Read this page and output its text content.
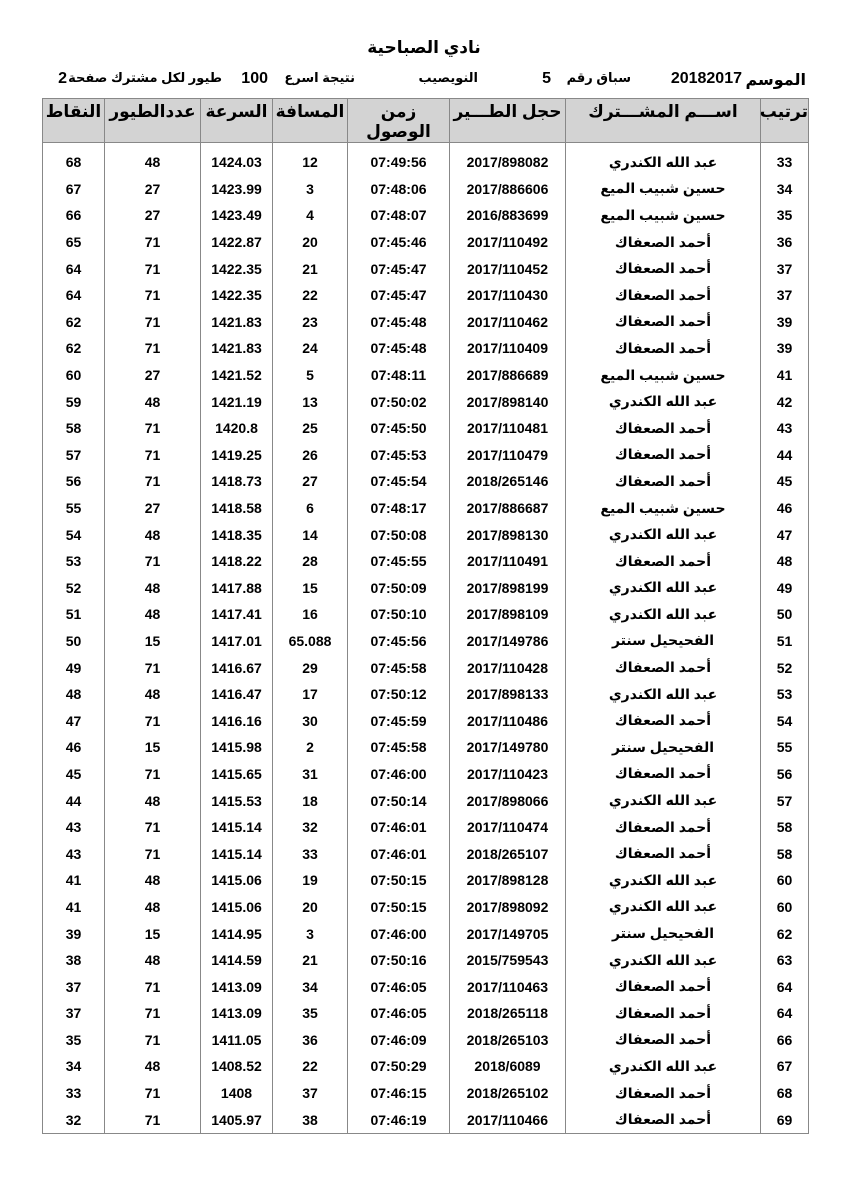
نادي الصباحية
الموسم
20182017
سباق رقم
5
النويصيب
نتيجة اسرع
100
طيور لكل مشترك صفحة
2
ترتيب	اســـم المشـــترك	حجل الطـــير	زمن الوصول	المسافة	السرعة	عددالطيور	النقاط

33	عبد الله الكندري	2017/898082	07:49:56	12	1424.03	48	68
34	حسين شبيب الميع	2017/886606	07:48:06	3	1423.99	27	67
35	حسين شبيب الميع	2016/883699	07:48:07	4	1423.49	27	66
36	أحمد الصعفاك	2017/110492	07:45:46	20	1422.87	71	65
37	أحمد الصعفاك	2017/110452	07:45:47	21	1422.35	71	64
37	أحمد الصعفاك	2017/110430	07:45:47	22	1422.35	71	64
39	أحمد الصعفاك	2017/110462	07:45:48	23	1421.83	71	62
39	أحمد الصعفاك	2017/110409	07:45:48	24	1421.83	71	62
41	حسين شبيب الميع	2017/886689	07:48:11	5	1421.52	27	60
42	عبد الله الكندري	2017/898140	07:50:02	13	1421.19	48	59
43	أحمد الصعفاك	2017/110481	07:45:50	25	1420.8	71	58
44	أحمد الصعفاك	2017/110479	07:45:53	26	1419.25	71	57
45	أحمد الصعفاك	2018/265146	07:45:54	27	1418.73	71	56
46	حسين شبيب الميع	2017/886687	07:48:17	6	1418.58	27	55
47	عبد الله الكندري	2017/898130	07:50:08	14	1418.35	48	54
48	أحمد الصعفاك	2017/110491	07:45:55	28	1418.22	71	53
49	عبد الله الكندري	2017/898199	07:50:09	15	1417.88	48	52
50	عبد الله الكندري	2017/898109	07:50:10	16	1417.41	48	51
51	الفحيحيل سنتر	2017/149786	07:45:56	65.088	1417.01	15	50
52	أحمد الصعفاك	2017/110428	07:45:58	29	1416.67	71	49
53	عبد الله الكندري	2017/898133	07:50:12	17	1416.47	48	48
54	أحمد الصعفاك	2017/110486	07:45:59	30	1416.16	71	47
55	الفحيحيل سنتر	2017/149780	07:45:58	2	1415.98	15	46
56	أحمد الصعفاك	2017/110423	07:46:00	31	1415.65	71	45
57	عبد الله الكندري	2017/898066	07:50:14	18	1415.53	48	44
58	أحمد الصعفاك	2017/110474	07:46:01	32	1415.14	71	43
58	أحمد الصعفاك	2018/265107	07:46:01	33	1415.14	71	43
60	عبد الله الكندري	2017/898128	07:50:15	19	1415.06	48	41
60	عبد الله الكندري	2017/898092	07:50:15	20	1415.06	48	41
62	الفحيحيل سنتر	2017/149705	07:46:00	3	1414.95	15	39
63	عبد الله الكندري	2015/759543	07:50:16	21	1414.59	48	38
64	أحمد الصعفاك	2017/110463	07:46:05	34	1413.09	71	37
64	أحمد الصعفاك	2018/265118	07:46:05	35	1413.09	71	37
66	أحمد الصعفاك	2018/265103	07:46:09	36	1411.05	71	35
67	عبد الله الكندري	2018/6089	07:50:29	22	1408.52	48	34
68	أحمد الصعفاك	2018/265102	07:46:15	37	1408	71	33
69	أحمد الصعفاك	2017/110466	07:46:19	38	1405.97	71	32
